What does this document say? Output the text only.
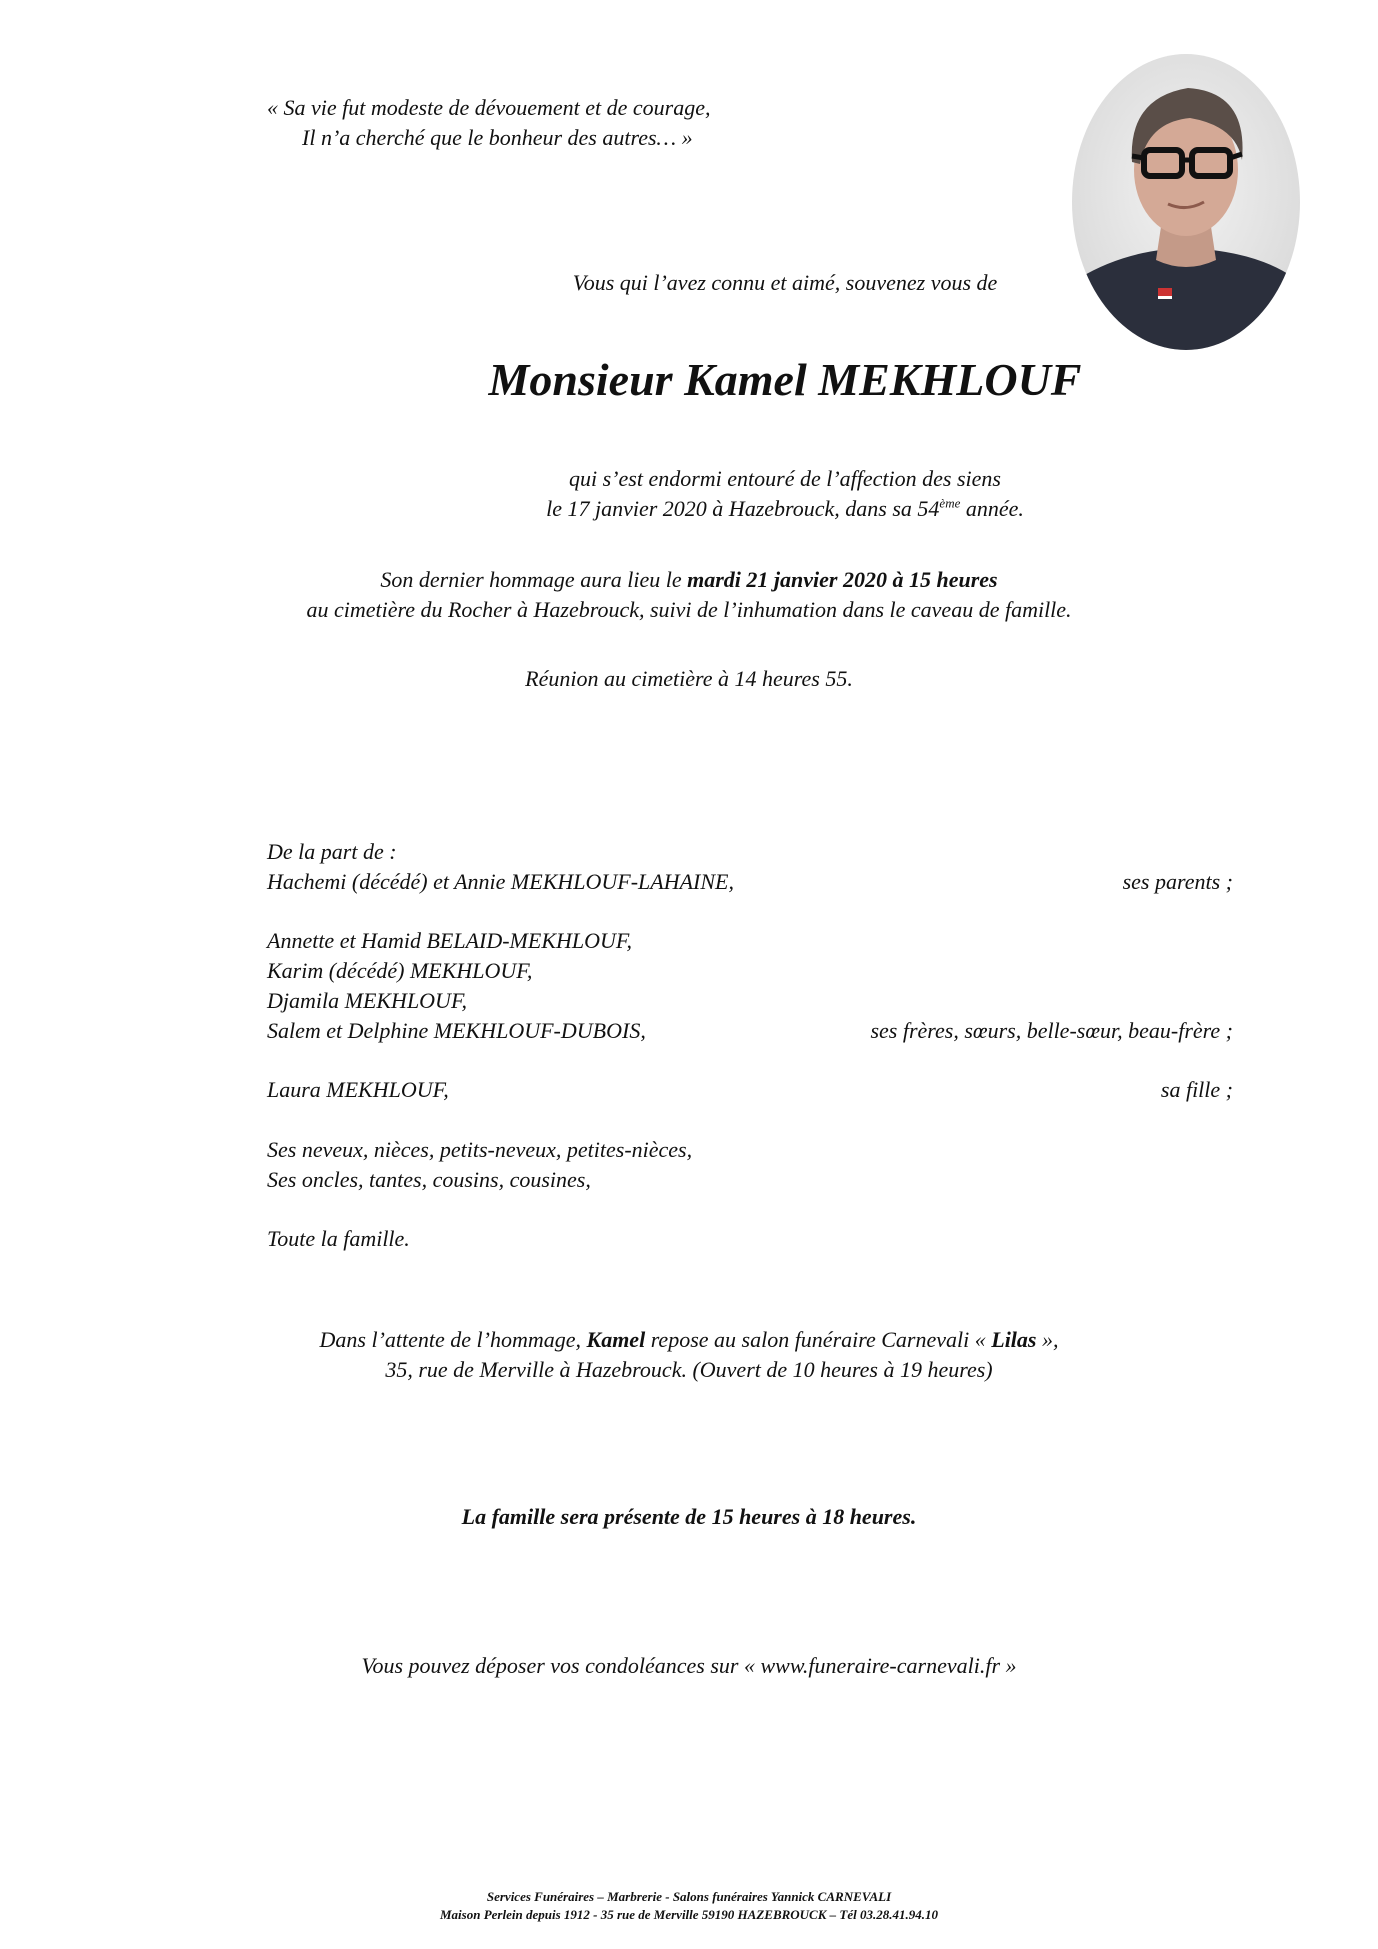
« Sa vie fut modeste de dévouement et de courage,
Il n’a cherché que le bonheur des autres… »
Vous qui l’avez connu et aimé, souvenez vous de
Monsieur Kamel MEKHLOUF
qui s’est endormi entouré de l’affection des siens
le 17 janvier 2020 à Hazebrouck, dans sa 54ème année.
Son dernier hommage aura lieu le mardi 21 janvier 2020 à 15 heures
au cimetière du Rocher à Hazebrouck, suivi de l’inhumation dans le caveau de famille.
Réunion au cimetière à 14 heures 55.
De la part de :
Hachemi (décédé) et Annie MEKHLOUF-LAHAINE,	ses parents ;
Annette et Hamid BELAID-MEKHLOUF,
Karim (décédé) MEKHLOUF,
Djamila MEKHLOUF,
Salem et Delphine MEKHLOUF-DUBOIS,	ses frères, sœurs, belle-sœur, beau-frère ;
Laura MEKHLOUF,	sa fille ;
Ses neveux, nièces, petits-neveux, petites-nièces,
Ses oncles, tantes, cousins, cousines,
Toute la famille.
Dans l’attente de l’hommage, Kamel repose au salon funéraire Carnevali « Lilas »,
35, rue de Merville à Hazebrouck. (Ouvert de 10 heures à 19 heures)
La famille sera présente de 15 heures à 18 heures.
Vous pouvez déposer vos condoléances sur « www.funeraire-carnevali.fr »
Services Funéraires – Marbrerie - Salons funéraires Yannick CARNEVALI
Maison Perlein depuis 1912 - 35 rue de Merville 59190 HAZEBROUCK – Tél 03.28.41.94.10
